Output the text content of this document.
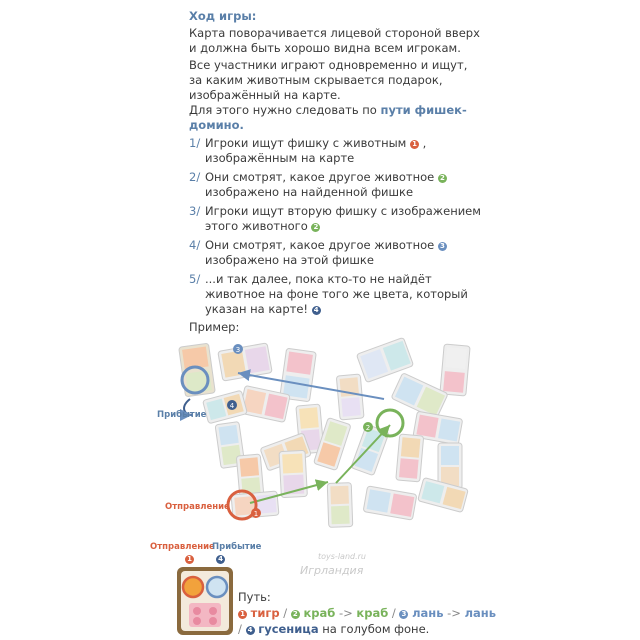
Ход игры:
Карта поворачивается лицевой стороной вверх
и должна быть хорошо видна всем игрокам.
Все участники играют одновременно и ищут,
за каким животным скрывается подарок,
изображённый на карте.
Для этого нужно следовать по пути фишек-
домино.
1/ Игроки ищут фишку с животным 1 ,
изображённым на карте
2/ Они смотрят, какое другое животное 2
изображено на найденной фишке
3/ Игроки ищут вторую фишку с изображением
этого животного 2
4/ Они смотрят, какое другое животное 3
изображено на этой фишке
5/ ...и так далее, пока кто-то не найдёт
животное на фоне того же цвета, который
указан на карте! 4
Пример:
1
2
3
4
Прибытие
Отправление
Отправление
Прибытие
1	4	toys-land.ru
Игрландия
Путь:
1 тигр / 2 краб -> краб / 3 лань -> лань
/ 4 гусеница на голубом фоне.
